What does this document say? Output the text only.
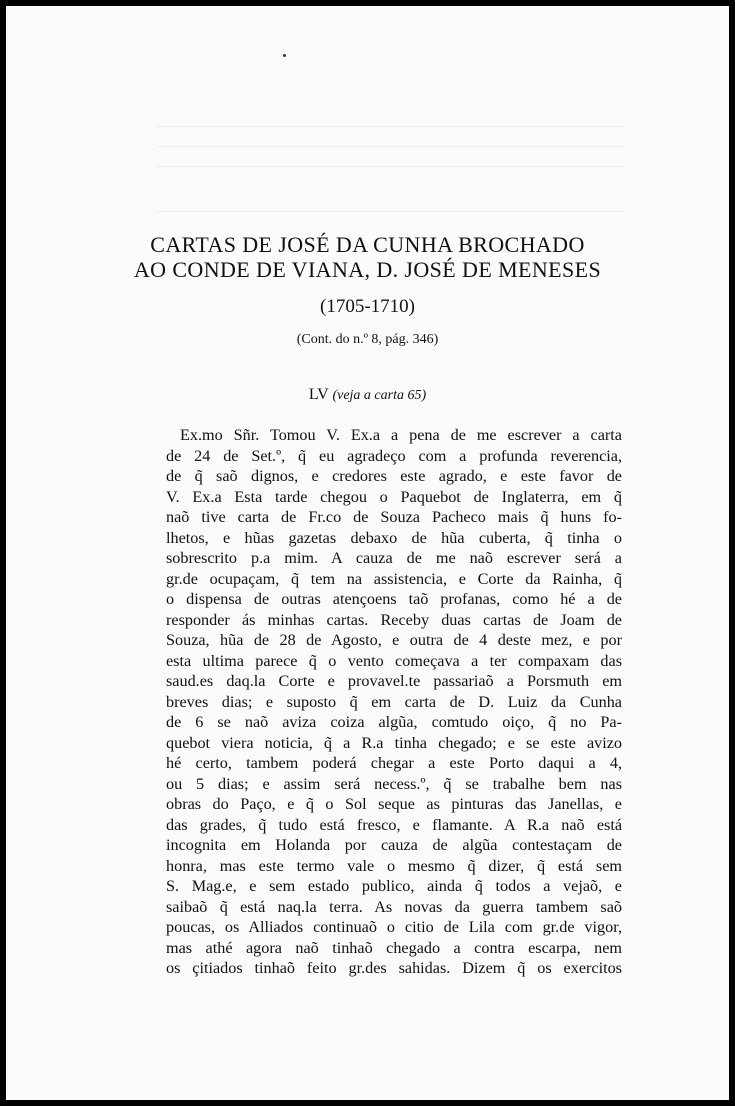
CARTAS DE JOSÉ DA CUNHA BROCHADO
AO CONDE DE VIANA, D. JOSÉ DE MENESES
(1705-1710)
(Cont. do n.º 8, pág. 346)
LV (veja a carta 65)
Ex.mo Sñr. Tomou V. Ex.a a pena de me escrever a carta
de 24 de Set.º, q̃ eu agradeço com a profunda reverencia,
de q̃ saõ dignos, e credores este agrado, e este favor de
V. Ex.a Esta tarde chegou o Paquebot de Inglaterra, em q̃
naõ tive carta de Fr.co de Souza Pacheco mais q̃ huns fo-
lhetos, e hũas gazetas debaxo de hũa cuberta, q̃ tinha o
sobrescrito p.a mim. A cauza de me naõ escrever será a
gr.de ocupaçam, q̃ tem na assistencia, e Corte da Rainha, q̃
o dispensa de outras atençoens taõ profanas, como hé a de
responder ás minhas cartas. Receby duas cartas de Joam de
Souza, hũa de 28 de Agosto, e outra de 4 deste mez, e por
esta ultima parece q̃ o vento começava a ter compaxam das
saud.es daq.la Corte e provavel.te passariaõ a Porsmuth em
breves dias; e suposto q̃ em carta de D. Luiz da Cunha
de 6 se naõ aviza coiza algũa, comtudo oiço, q̃ no Pa-
quebot viera noticia, q̃ a R.a tinha chegado; e se este avizo
hé certo, tambem poderá chegar a este Porto daqui a 4,
ou 5 dias; e assim será necess.º, q̃ se trabalhe bem nas
obras do Paço, e q̃ o Sol seque as pinturas das Janellas, e
das grades, q̃ tudo está fresco, e flamante. A R.a naõ está
incognita em Holanda por cauza de algũa contestaçam de
honra, mas este termo vale o mesmo q̃ dizer, q̃ está sem
S. Mag.e, e sem estado publico, ainda q̃ todos a vejaõ, e
saibaõ q̃ está naq.la terra. As novas da guerra tambem saõ
poucas, os Alliados continuaõ o citio de Lila com gr.de vigor,
mas athé agora naõ tinhaõ chegado a contra escarpa, nem
os çitiados tinhaõ feito gr.des sahidas. Dizem q̃ os exercitos
